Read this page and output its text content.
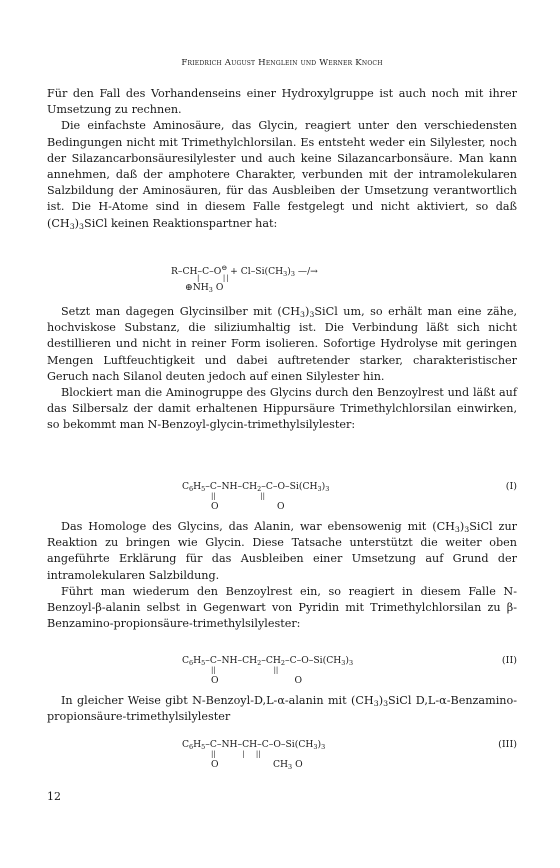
Friedrich August Henglein und Werner Knoch

Für den Fall des Vorhandenseins einer Hydroxylgruppe ist auch noch mit ihrer Umsetzung zu rechnen.

Die einfachste Aminosäure, das Glycin, reagiert unter den verschiedensten Bedingungen nicht mit Trimethylchlorsilan. Es entsteht weder ein Silylester, noch der Silazancarbonsäuresilylester und auch keine Silazancarbonsäure. Man kann annehmen, daß der amphotere Charakter, verbunden mit der intramolekularen Salzbildung der Aminosäuren, für das Ausbleiben der Umsetzung verantwortlich ist. Die H-Atome sind in diesem Falle festgelegt und nicht aktiviert, so daß $(CH_3)_3SiCl$ keinen Reaktionspartner hat:

$R-CH-C-O^⊖ + Cl-Si(CH_3)_3$ —/→
|       ||
$\oplus NH_3$ O

Setzt man dagegen Glycinsilber mit $(CH_3)_3SiCl$ um, so erhält man eine zähe, hochviskose Substanz, die siliziumhaltig ist. Die Verbindung läßt sich nicht destillieren und nicht in reiner Form isolieren. Sofortige Hydrolyse mit geringen Mengen Luftfeuchtigkeit und dabei auftretender starker, charakteristischer Geruch nach Silanol deuten jedoch auf einen Silylester hin.

Blockiert man die Aminogruppe des Glycins durch den Benzoylrest und läßt auf das Silbersalz der damit erhaltenen Hippursäure Trimethylchlorsilan einwirken, so bekommt man N-Benzoyl-glycin-trimethylsilylester:

$C_6H_5-C-NH-CH_2-C-O-Si(CH_3)_3$	(I)
||                    ||
O                    O

Das Homologe des Glycins, das Alanin, war ebensowenig mit $(CH_3)_3SiCl$ zur Reaktion zu bringen wie Glycin. Diese Tatsache unterstützt die weiter oben angeführte Erklärung für das Ausbleiben einer Umsetzung auf Grund der intramolekularen Salzbildung.

Führt man wiederum den Benzoylrest ein, so reagiert in diesem Falle N-Benzoyl-β-alanin selbst in Gegenwart von Pyridin mit Trimethylchlorsilan zu β-Benzamino-propionsäure-trimethylsilylester:

$C_6H_5-C-NH-CH_2-CH_2-C-O-Si(CH_3)_3$	(II)
||                          ||
O                          O

In gleicher Weise gibt N-Benzoyl-D,L-α-alanin mit $(CH_3)_3SiCl$ D,L-α-Benzamino-propionsäure-trimethylsilylester

$C_6H_5-C-NH-CH-C-O-Si(CH_3)_3$	(III)
||            |     ||
O	$CH_3$ O
12
